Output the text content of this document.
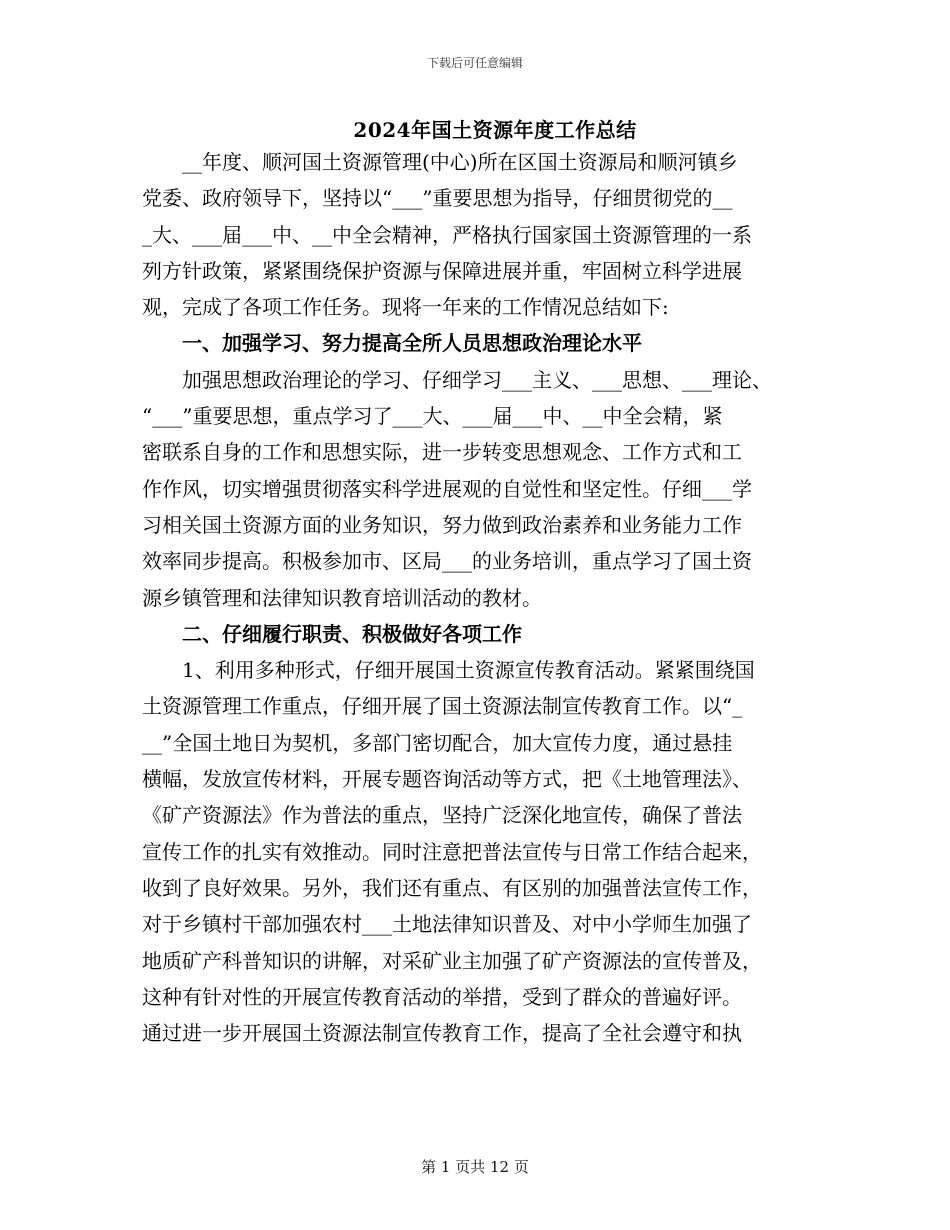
下载后可任意编辑
2024年国土资源年度工作总结
　　__年度、顺河国土资源管理(中心)所在区国土资源局和顺河镇乡
党委、政府领导下，坚持以“___”重要思想为指导，仔细贯彻党的__
_大、___届___中、__中全会精神，严格执行国家国土资源管理的一系
列方针政策，紧紧围绕保护资源与保障进展并重，牢固树立科学进展
观，完成了各项工作任务。现将一年来的工作情况总结如下:
　　一、加强学习、努力提高全所人员思想政治理论水平
　　加强思想政治理论的学习、仔细学习___主义、___思想、___理论、
“___”重要思想，重点学习了___大、___届___中、__中全会精，紧
密联系自身的工作和思想实际，进一步转变思想观念、工作方式和工
作作风，切实增强贯彻落实科学进展观的自觉性和坚定性。仔细___学
习相关国土资源方面的业务知识，努力做到政治素养和业务能力工作
效率同步提高。积极参加市、区局___的业务培训，重点学习了国土资
源乡镇管理和法律知识教育培训活动的教材。
　　二、仔细履行职责、积极做好各项工作
　　1、利用多种形式，仔细开展国土资源宣传教育活动。紧紧围绕国
土资源管理工作重点，仔细开展了国土资源法制宣传教育工作。以“_
__”全国土地日为契机，多部门密切配合，加大宣传力度，通过悬挂
横幅，发放宣传材料，开展专题咨询活动等方式，把《土地管理法》、
《矿产资源法》作为普法的重点，坚持广泛深化地宣传，确保了普法
宣传工作的扎实有效推动。同时注意把普法宣传与日常工作结合起来，
收到了良好效果。另外，我们还有重点、有区别的加强普法宣传工作，
对于乡镇村干部加强农村___土地法律知识普及、对中小学师生加强了
地质矿产科普知识的讲解，对采矿业主加强了矿产资源法的宣传普及，
这种有针对性的开展宣传教育活动的举措，受到了群众的普遍好评。
通过进一步开展国土资源法制宣传教育工作，提高了全社会遵守和执
第 1 页共 12 页
